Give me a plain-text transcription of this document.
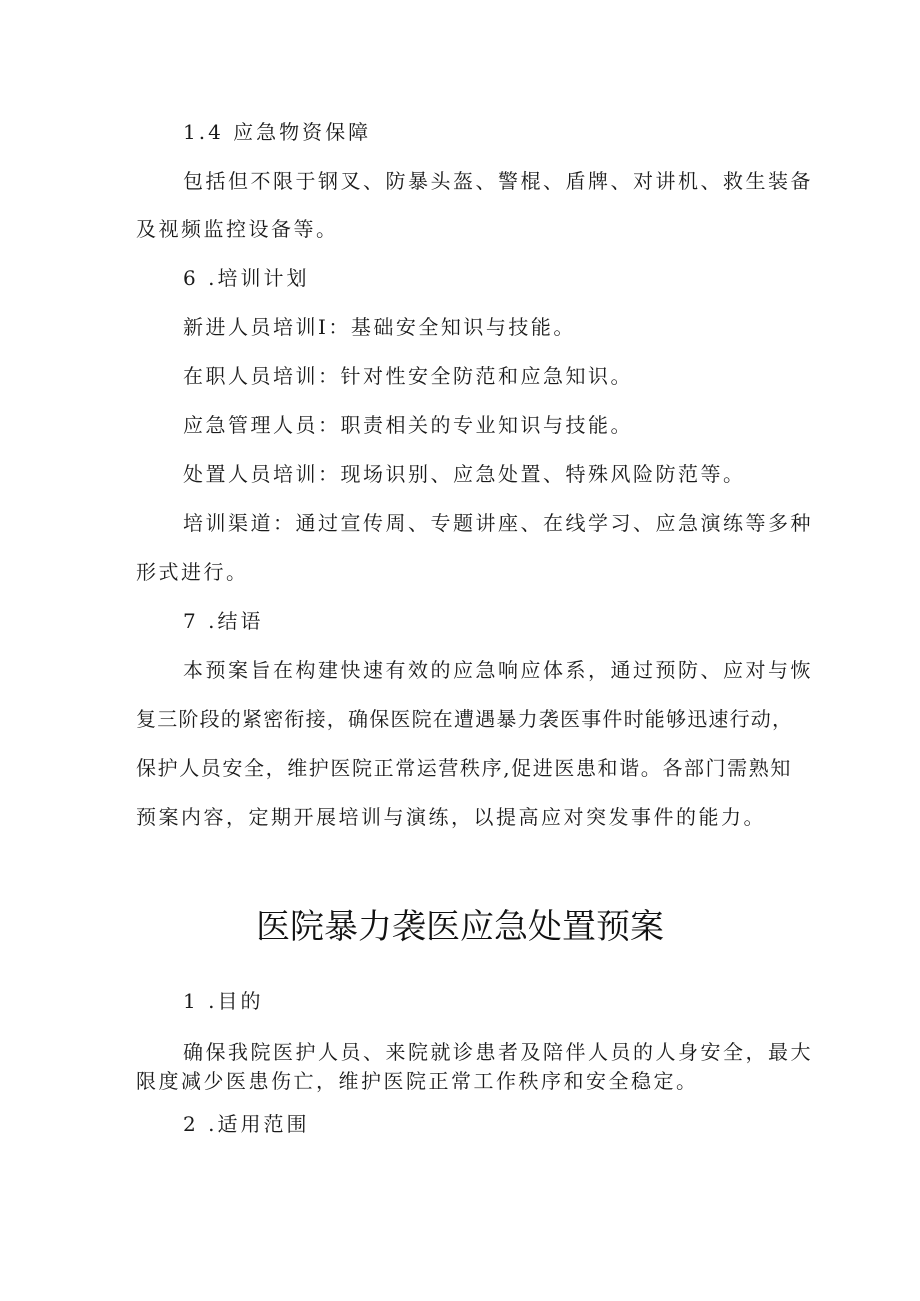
1.4 应急物资保障
包括但不限于钢叉、防暴头盔、警棍、盾牌、对讲机、救生装备
及视频监控设备等。
6 .培训计划
新进人员培训I：基础安全知识与技能。
在职人员培训：针对性安全防范和应急知识。
应急管理人员：职责相关的专业知识与技能。
处置人员培训：现场识别、应急处置、特殊风险防范等。
培训渠道：通过宣传周、专题讲座、在线学习、应急演练等多种
形式进行。
7 .结语
本预案旨在构建快速有效的应急响应体系，通过预防、应对与恢
复三阶段的紧密衔接，确保医院在遭遇暴力袭医事件时能够迅速行动，
保护人员安全，维护医院正常运营秩序,促进医患和谐。各部门需熟知
预案内容，定期开展培训与演练，以提高应对突发事件的能力。
医院暴力袭医应急处置预案
1 .目的
确保我院医护人员、来院就诊患者及陪伴人员的人身安全，最大
限度减少医患伤亡，维护医院正常工作秩序和安全稳定。
2 .适用范围
